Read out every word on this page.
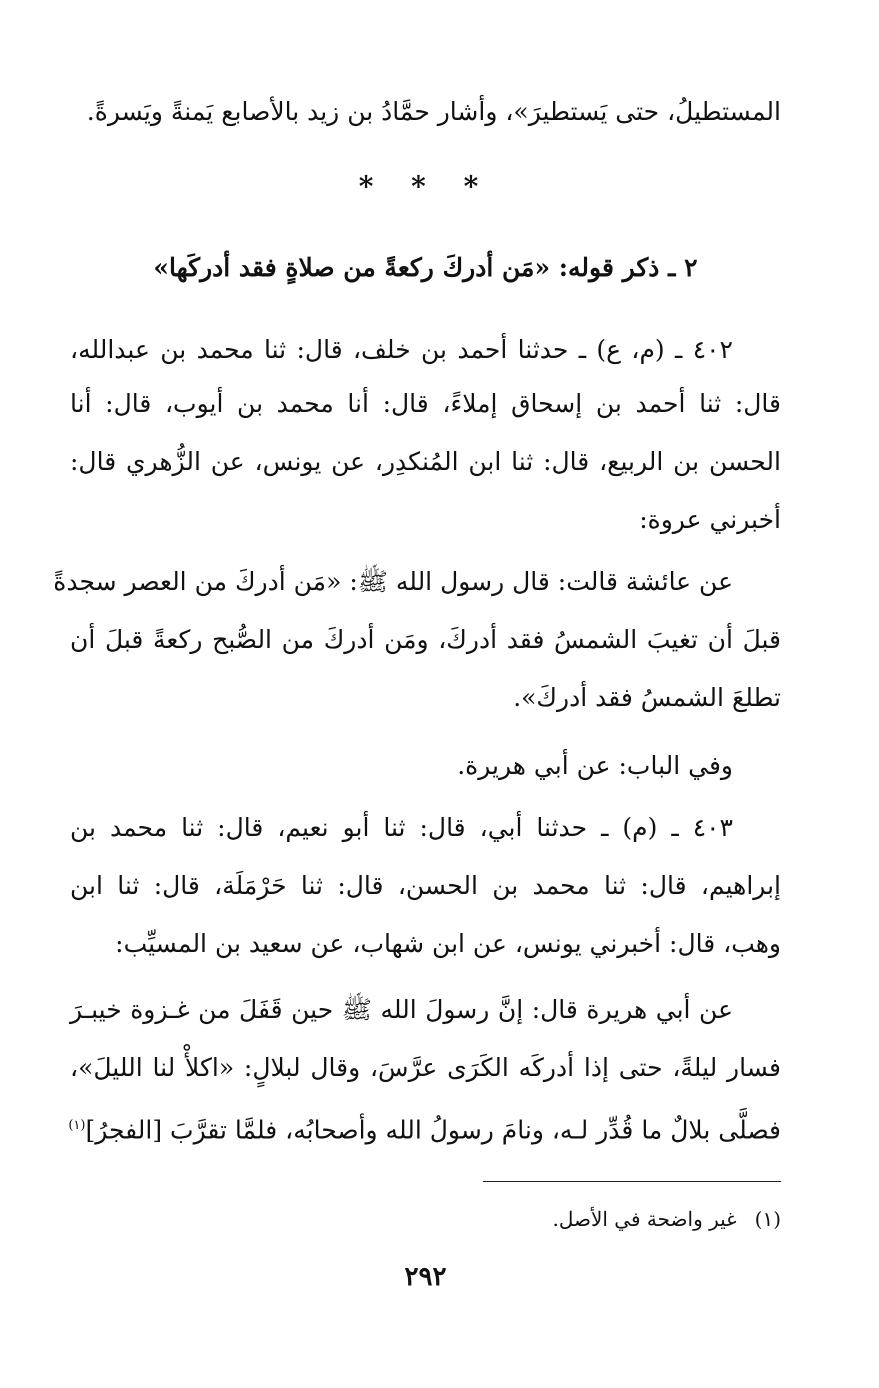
المستطيلُ، حتى يَستطيرَ»، وأشار حمَّادُ بن زيد بالأصابع يَمنةً ويَسرةً.
* * *
٢ ـ ذكر قوله: «مَن أدركَ ركعةً من صلاةٍ فقد أدركَها»
٤٠٢ ـ (م، ع) ـ حدثنا أحمد بن خلف، قال: ثنا محمد بن عبدالله،
قال: ثنا أحمد بن إسحاق إملاءً، قال: أنا محمد بن أيوب، قال: أنا
الحسن بن الربيع، قال: ثنا ابن المُنكدِر، عن يونس، عن الزُّهري قال:
أخبرني عروة:
عن عائشة قالت: قال رسول الله ﷺ: «مَن أدركَ من العصر سجدةً
قبلَ أن تغيبَ الشمسُ فقد أدركَ، ومَن أدركَ من الصُّبح ركعةً قبلَ أن
تطلعَ الشمسُ فقد أدركَ».
وفي الباب: عن أبي هريرة.
٤٠٣ ـ (م) ـ حدثنا أبي، قال: ثنا أبو نعيم، قال: ثنا محمد بن
إبراهيم، قال: ثنا محمد بن الحسن، قال: ثنا حَرْمَلَة، قال: ثنا ابن
وهب، قال: أخبرني يونس، عن ابن شهاب، عن سعيد بن المسيِّب:
عن أبي هريرة قال: إنَّ رسولَ الله ﷺ حين قَفَلَ من غـزوة خيبـرَ
فسار ليلةً، حتى إذا أدركَه الكَرَى عرَّسَ، وقال لبلالٍ: «اكلأْ لنا الليلَ»،
فصلَّى بلالٌ ما قُدِّر لـه، ونامَ رسولُ الله وأصحابُه، فلمَّا تقرَّبَ [الفجرُ]$^{(١)}$
(١)غير واضحة في الأصل.
٢٩٢
